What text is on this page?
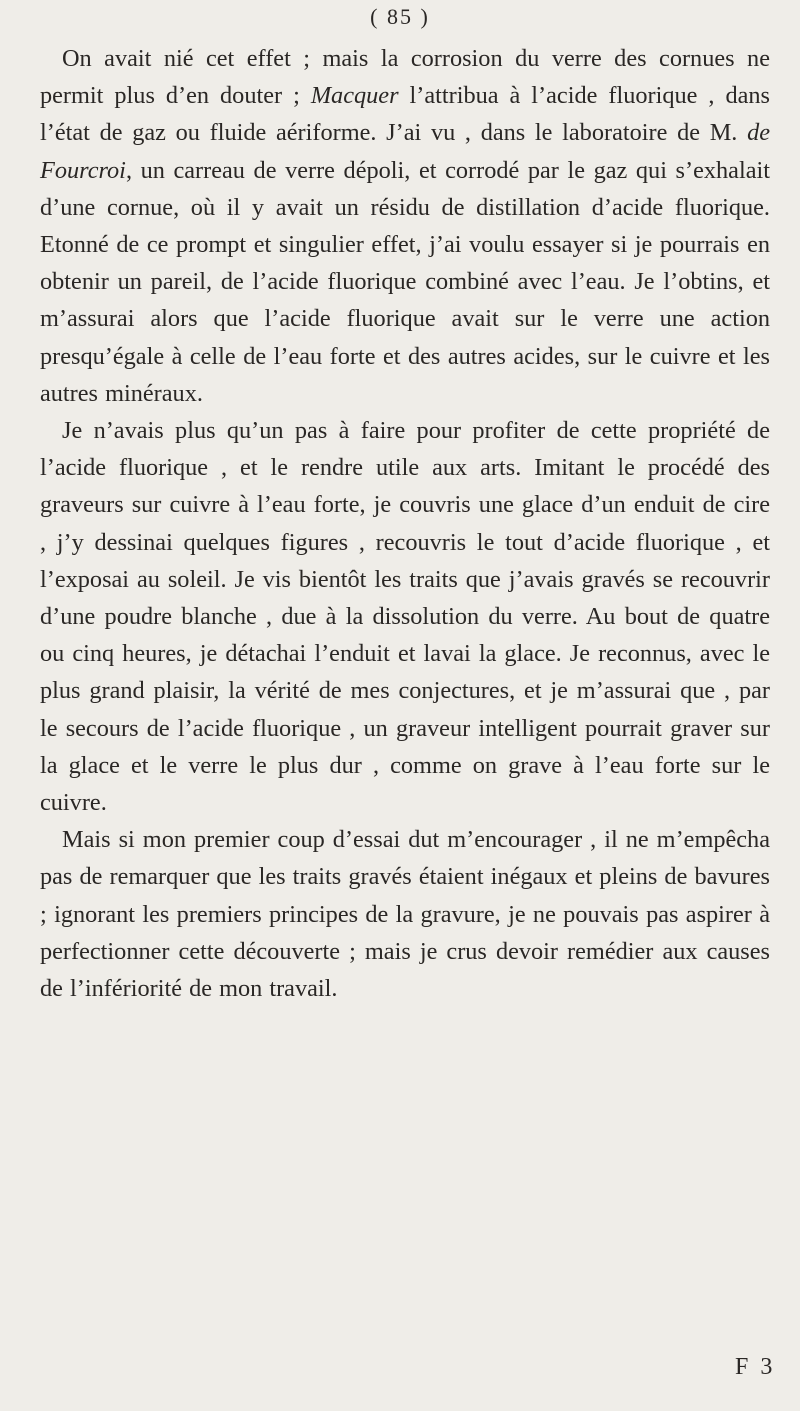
( 85 )

On avait nié cet effet ; mais la corrosion du verre des cornues ne permit plus d’en douter ; Macquer l’attribua à l’acide fluorique , dans l’état de gaz ou fluide aériforme. J’ai vu , dans le laboratoire de M. de Fourcroi, un carreau de verre dépoli, et corrodé par le gaz qui s’exhalait d’une cornue, où il y avait un résidu de distillation d’acide fluorique. Etonné de ce prompt et singulier effet, j’ai voulu essayer si je pourrais en obtenir un pareil, de l’acide fluorique combiné avec l’eau. Je l’obtins, et m’assurai alors que l’acide fluorique avait sur le verre une action presqu’égale à celle de l’eau forte et des autres acides, sur le cuivre et les autres minéraux.

Je n’avais plus qu’un pas à faire pour profiter de cette propriété de l’acide fluorique , et le rendre utile aux arts. Imitant le procédé des graveurs sur cuivre à l’eau forte, je couvris une glace d’un enduit de cire , j’y dessinai quelques figures , recouvris le tout d’acide fluorique , et l’exposai au soleil. Je vis bientôt les traits que j’avais gravés se recouvrir d’une poudre blanche , due à la dissolution du verre. Au bout de quatre ou cinq heures, je détachai l’enduit et lavai la glace. Je reconnus, avec le plus grand plaisir, la vérité de mes conjectures, et je m’assurai que , par le secours de l’acide fluorique , un graveur intelligent pourrait graver sur la glace et le verre le plus dur , comme on grave à l’eau forte sur le cuivre.

Mais si mon premier coup d’essai dut m’encourager , il ne m’empêcha pas de remarquer que les traits gravés étaient inégaux et pleins de bavures ; ignorant les premiers principes de la gravure, je ne pouvais pas aspirer à perfectionner cette découverte ; mais je crus devoir remédier aux causes de l’infériorité de mon travail.

F 3
